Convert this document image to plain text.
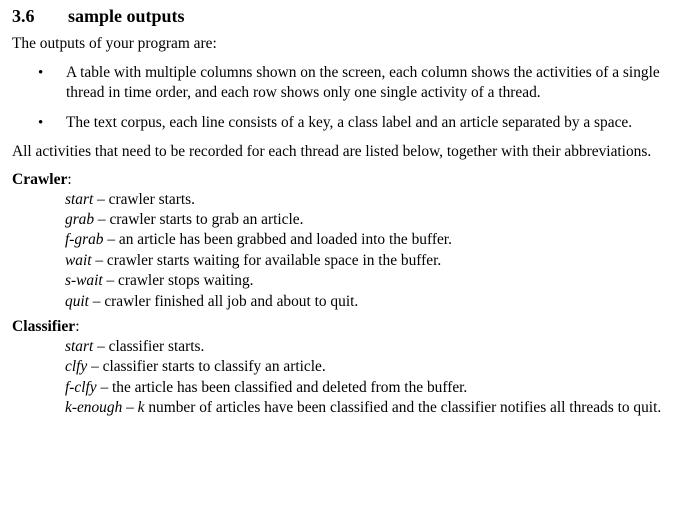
3.6 sample outputs

The outputs of your program are:

• A table with multiple columns shown on the screen, each column shows the activities of a single thread in time order, and each row shows only one single activity of a thread.
• The text corpus, each line consists of a key, a class label and an article separated by a space.

All activities that need to be recorded for each thread are listed below, together with their abbreviations.

Crawler:

start – crawler starts.
grab – crawler starts to grab an article.
f-grab – an article has been grabbed and loaded into the buffer.
wait – crawler starts waiting for available space in the buffer.
s-wait – crawler stops waiting.
quit – crawler finished all job and about to quit.

Classifier:

start – classifier starts.
clfy – classifier starts to classify an article.
f-clfy – the article has been classified and deleted from the buffer.
k-enough – k number of articles have been classified and the classifier notifies all threads to quit.
